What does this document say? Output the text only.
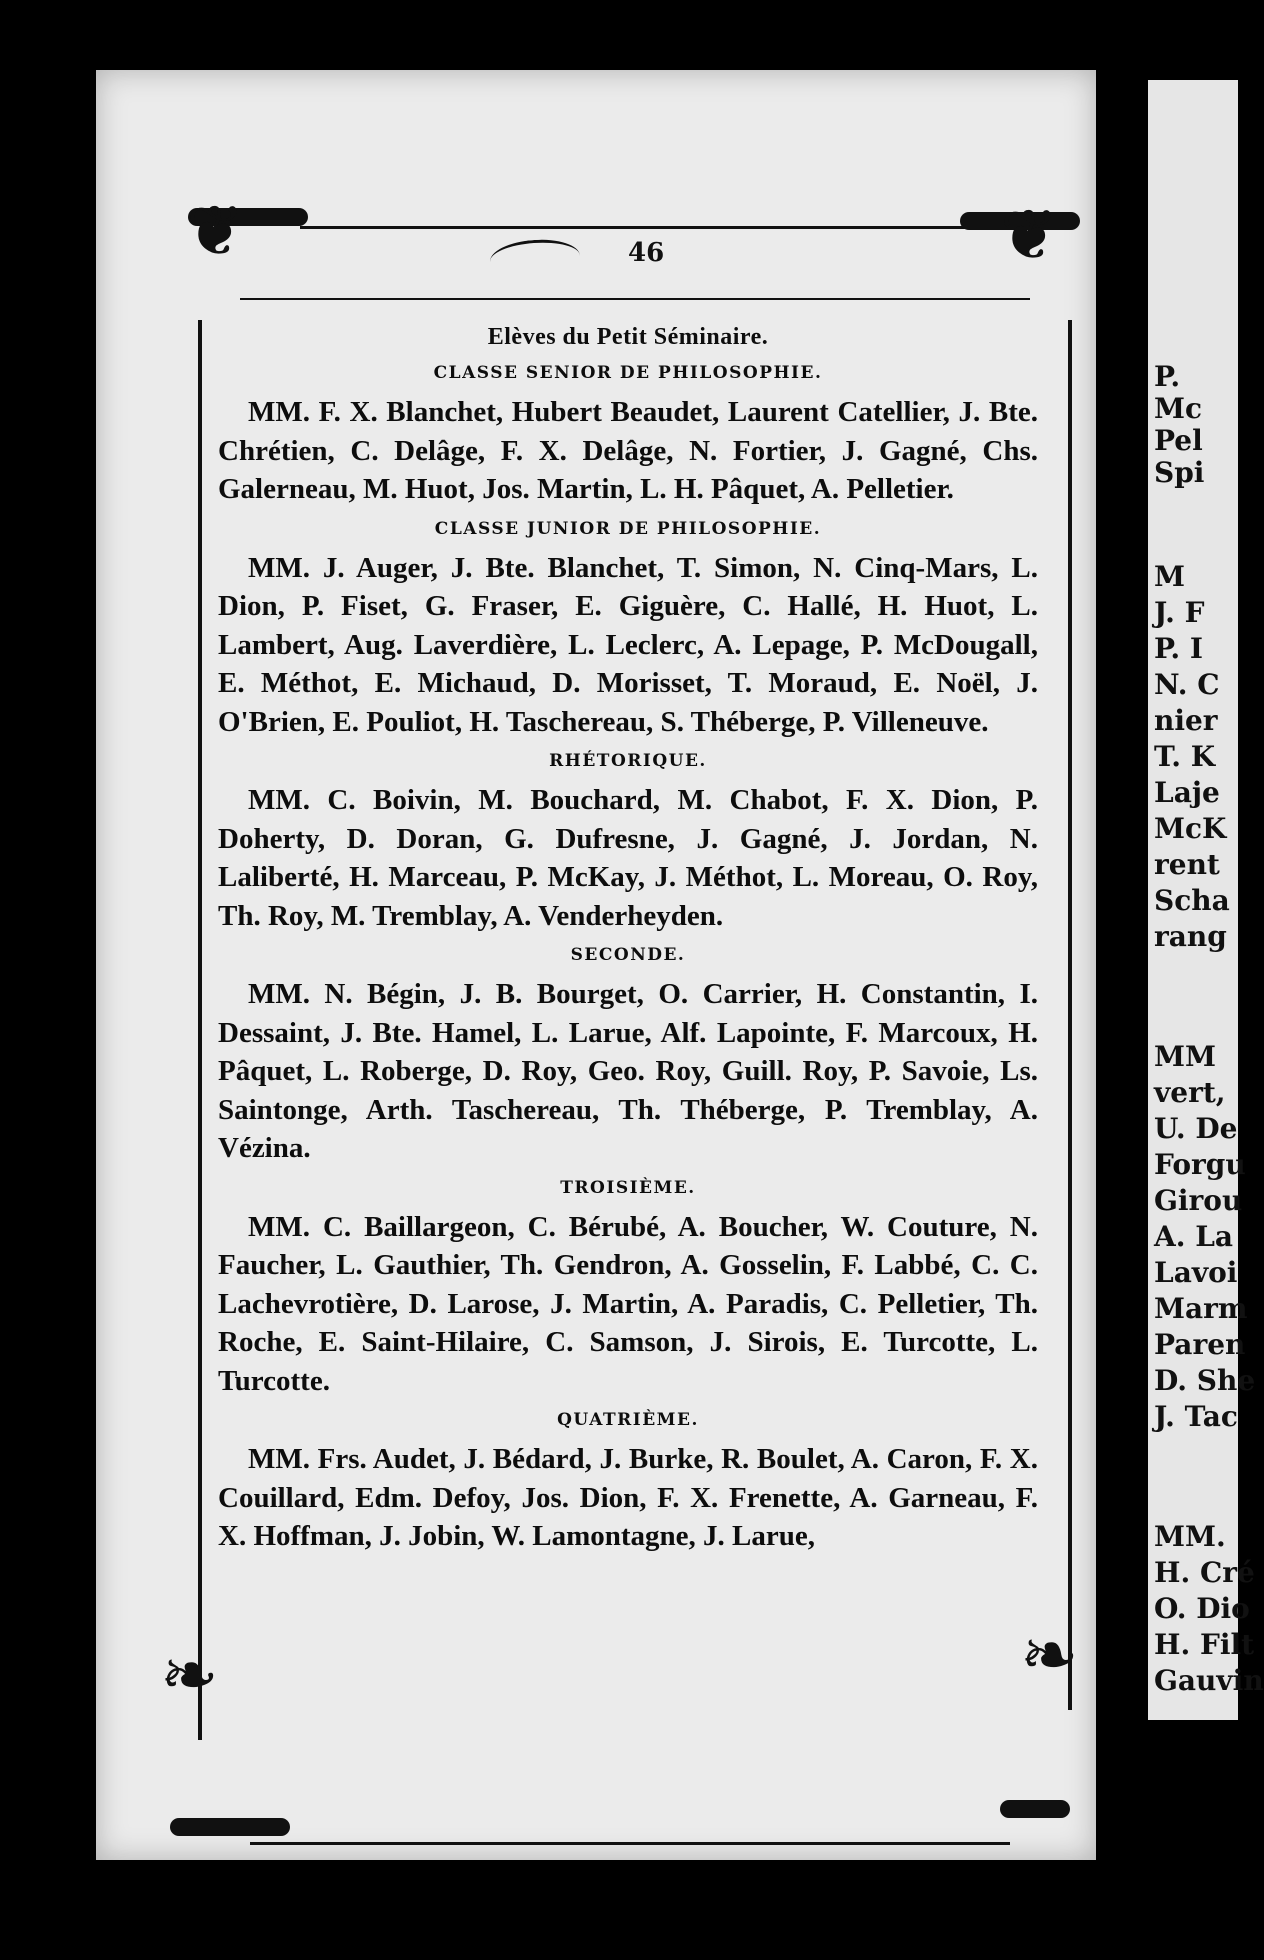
P.
Mc
Pel
Spi
M
J. F
P. I
N. C
nier
T. K
Laje
McK
rent
Scha
rang
MM
vert,
U. De
Forgu
Girou
A. La
Lavoi
Marm
Paren
D. She
J. Tac
MM.
H. Cré
O. Dio
H. Filt
Gauvin
❦	❦
❧	❧
46
Elèves du Petit Séminaire.
CLASSE SENIOR DE PHILOSOPHIE.
MM. F. X. Blanchet, Hubert Beaudet, Laurent Catellier, J. Bte. Chrétien, C. Delâge, F. X. Delâge, N. Fortier, J. Gagné, Chs. Galerneau, M. Huot, Jos. Martin, L. H. Pâquet, A. Pelletier.
CLASSE JUNIOR DE PHILOSOPHIE.
MM. J. Auger, J. Bte. Blanchet, T. Simon, N. Cinq-Mars, L. Dion, P. Fiset, G. Fraser, E. Giguère, C. Hallé, H. Huot, L. Lambert, Aug. Laverdière, L. Leclerc, A. Lepage, P. McDougall, E. Méthot, E. Michaud, D. Morisset, T. Moraud, E. Noël, J. O'Brien, E. Pouliot, H. Taschereau, S. Théberge, P. Villeneuve.
RHÉTORIQUE.
MM. C. Boivin, M. Bouchard, M. Chabot, F. X. Dion, P. Doherty, D. Doran, G. Dufresne, J. Gagné, J. Jordan, N. Laliberté, H. Marceau, P. McKay, J. Méthot, L. Moreau, O. Roy, Th. Roy, M. Tremblay, A. Venderheyden.
SECONDE.
MM. N. Bégin, J. B. Bourget, O. Carrier, H. Constantin, I. Dessaint, J. Bte. Hamel, L. Larue, Alf. Lapointe, F. Marcoux, H. Pâquet, L. Roberge, D. Roy, Geo. Roy, Guill. Roy, P. Savoie, Ls. Saintonge, Arth. Taschereau, Th. Théberge, P. Tremblay, A. Vézina.
TROISIÈME.
MM. C. Baillargeon, C. Bérubé, A. Boucher, W. Couture, N. Faucher, L. Gauthier, Th. Gendron, A. Gosselin, F. Labbé, C. C. Lachevrotière, D. Larose, J. Martin, A. Paradis, C. Pelletier, Th. Roche, E. Saint-Hilaire, C. Samson, J. Sirois, E. Turcotte, L. Turcotte.
QUATRIÈME.
MM. Frs. Audet, J. Bédard, J. Burke, R. Boulet, A. Caron, F. X. Couillard, Edm. Defoy, Jos. Dion, F. X. Frenette, A. Garneau, F. X. Hoffman, J. Jobin, W. Lamontagne, J. Larue,
